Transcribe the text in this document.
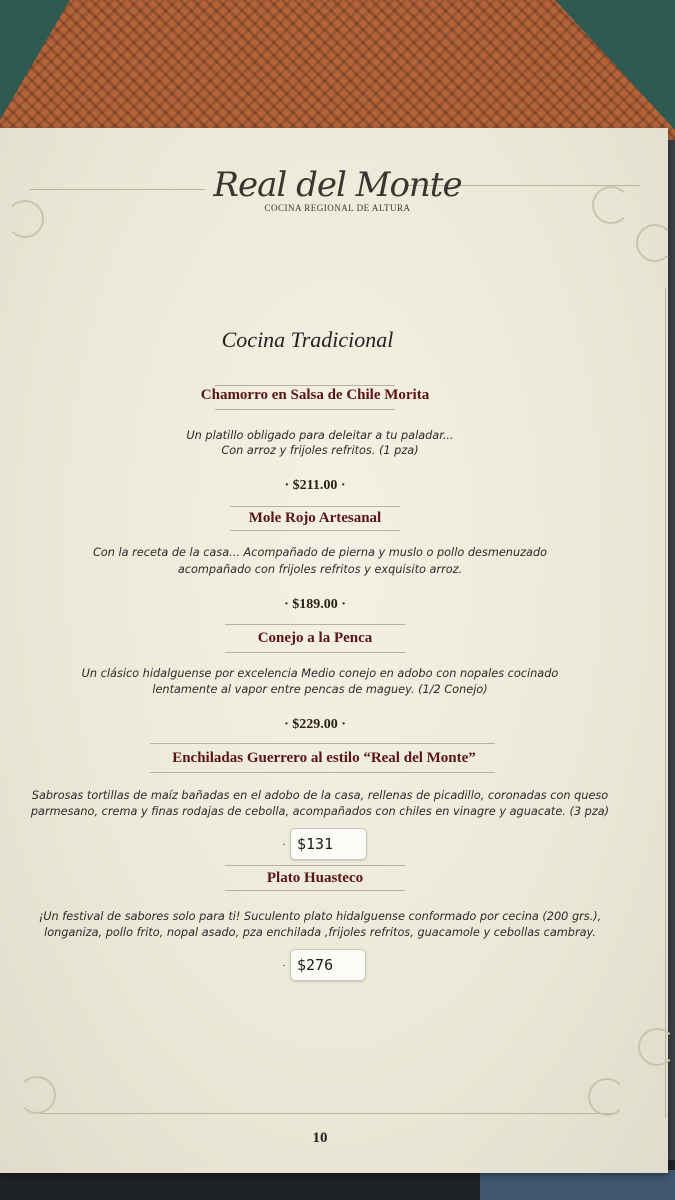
Real del Monte
COCINA REGIONAL DE ALTURA
Cocina Tradicional
Chamorro en Salsa de Chile Morita
Un platillo obligado para deleitar a tu paladar...
Con arroz y frijoles refritos. (1 pza)
· $211.00 ·
Mole Rojo Artesanal
Con la receta de la casa... Acompañado de pierna y muslo o pollo desmenuzado
acompañado con frijoles refritos y exquisito arroz.
· $189.00 ·
Conejo a la Penca
Un clásico hidalguense por excelencia Medio conejo en adobo con nopales cocinado
lentamente al vapor entre pencas de maguey. (1/2 Conejo)
· $229.00 ·
Enchiladas Guerrero al estilo “Real del Monte”
Sabrosas tortillas de maíz bañadas en el adobo de la casa, rellenas de picadillo, coronadas con queso
parmesano, crema y finas rodajas de cebolla, acompañados con chiles en vinagre y aguacate. (3 pza)
· $131
Plato Huasteco
¡Un festival de sabores solo para ti! Suculento plato hidalguense conformado por cecina (200 grs.),
longaniza, pollo frito, nopal asado, pza enchilada ,frijoles refritos, guacamole y cebollas cambray.
· $276
10
